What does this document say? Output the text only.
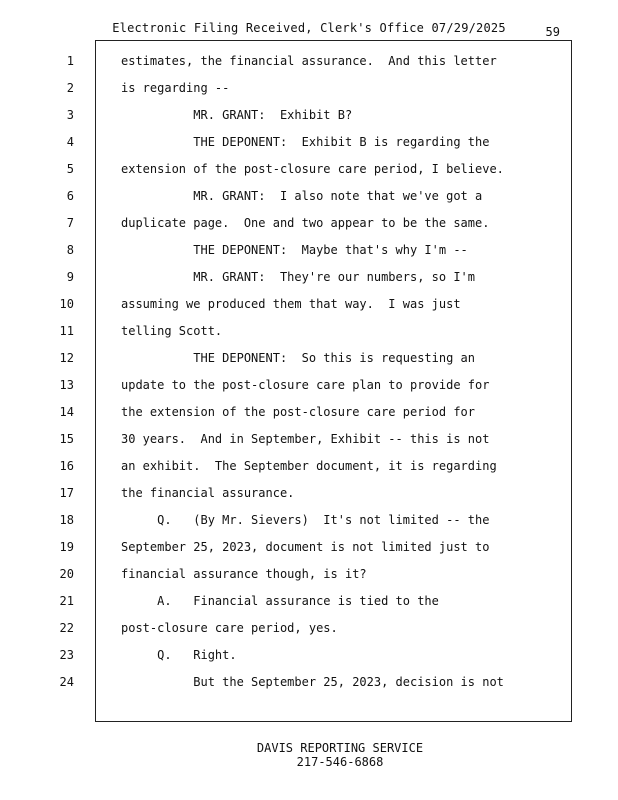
Electronic Filing Received, Clerk's Office 07/29/2025	59
1	estimates, the financial assurance.  And this letter
2	is regarding --
3	MR. GRANT:  Exhibit B?
4	THE DEPONENT:  Exhibit B is regarding the
5	extension of the post-closure care period, I believe.
6	MR. GRANT:  I also note that we've got a
7	duplicate page.  One and two appear to be the same.
8	THE DEPONENT:  Maybe that's why I'm --
9	MR. GRANT:  They're our numbers, so I'm
10	assuming we produced them that way.  I was just
11	telling Scott.
12	THE DEPONENT:  So this is requesting an
13	update to the post-closure care plan to provide for
14	the extension of the post-closure care period for
15	30 years.  And in September, Exhibit -- this is not
16	an exhibit.  The September document, it is regarding
17	the financial assurance.
18	Q.   (By Mr. Sievers)  It's not limited -- the
19	September 25, 2023, document is not limited just to
20	financial assurance though, is it?
21	A.   Financial assurance is tied to the
22	post-closure care period, yes.
23	Q.   Right.
24	But the September 25, 2023, decision is not
DAVIS REPORTING SERVICE
217-546-6868
